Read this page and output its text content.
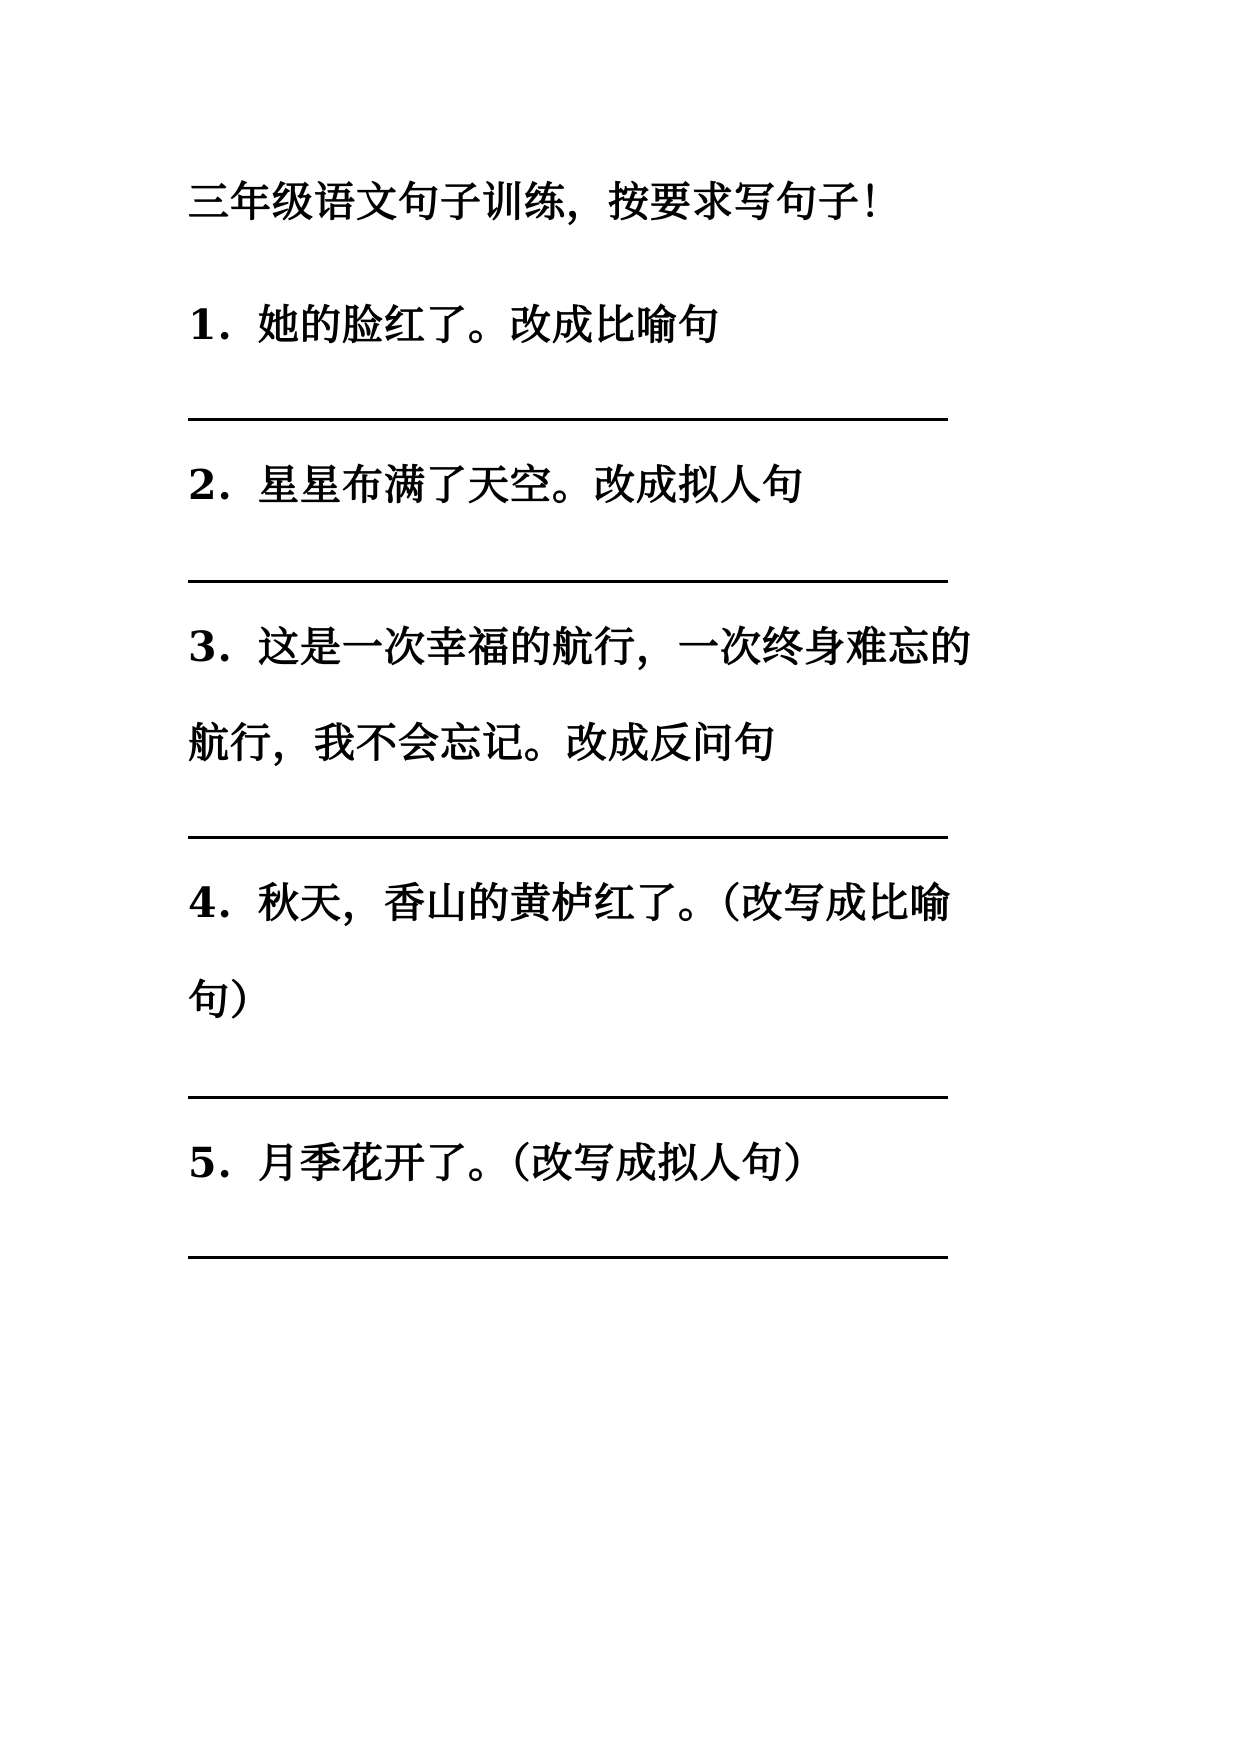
三年级语文句子训练，按要求写句子！
1. 她的脸红了。改成比喻句
2. 星星布满了天空。改成拟人句
3. 这是一次幸福的航行，一次终身难忘的
航行，我不会忘记。改成反问句
4. 秋天，香山的黄栌红了。（改写成比喻
句）
5. 月季花开了。（改写成拟人句）
